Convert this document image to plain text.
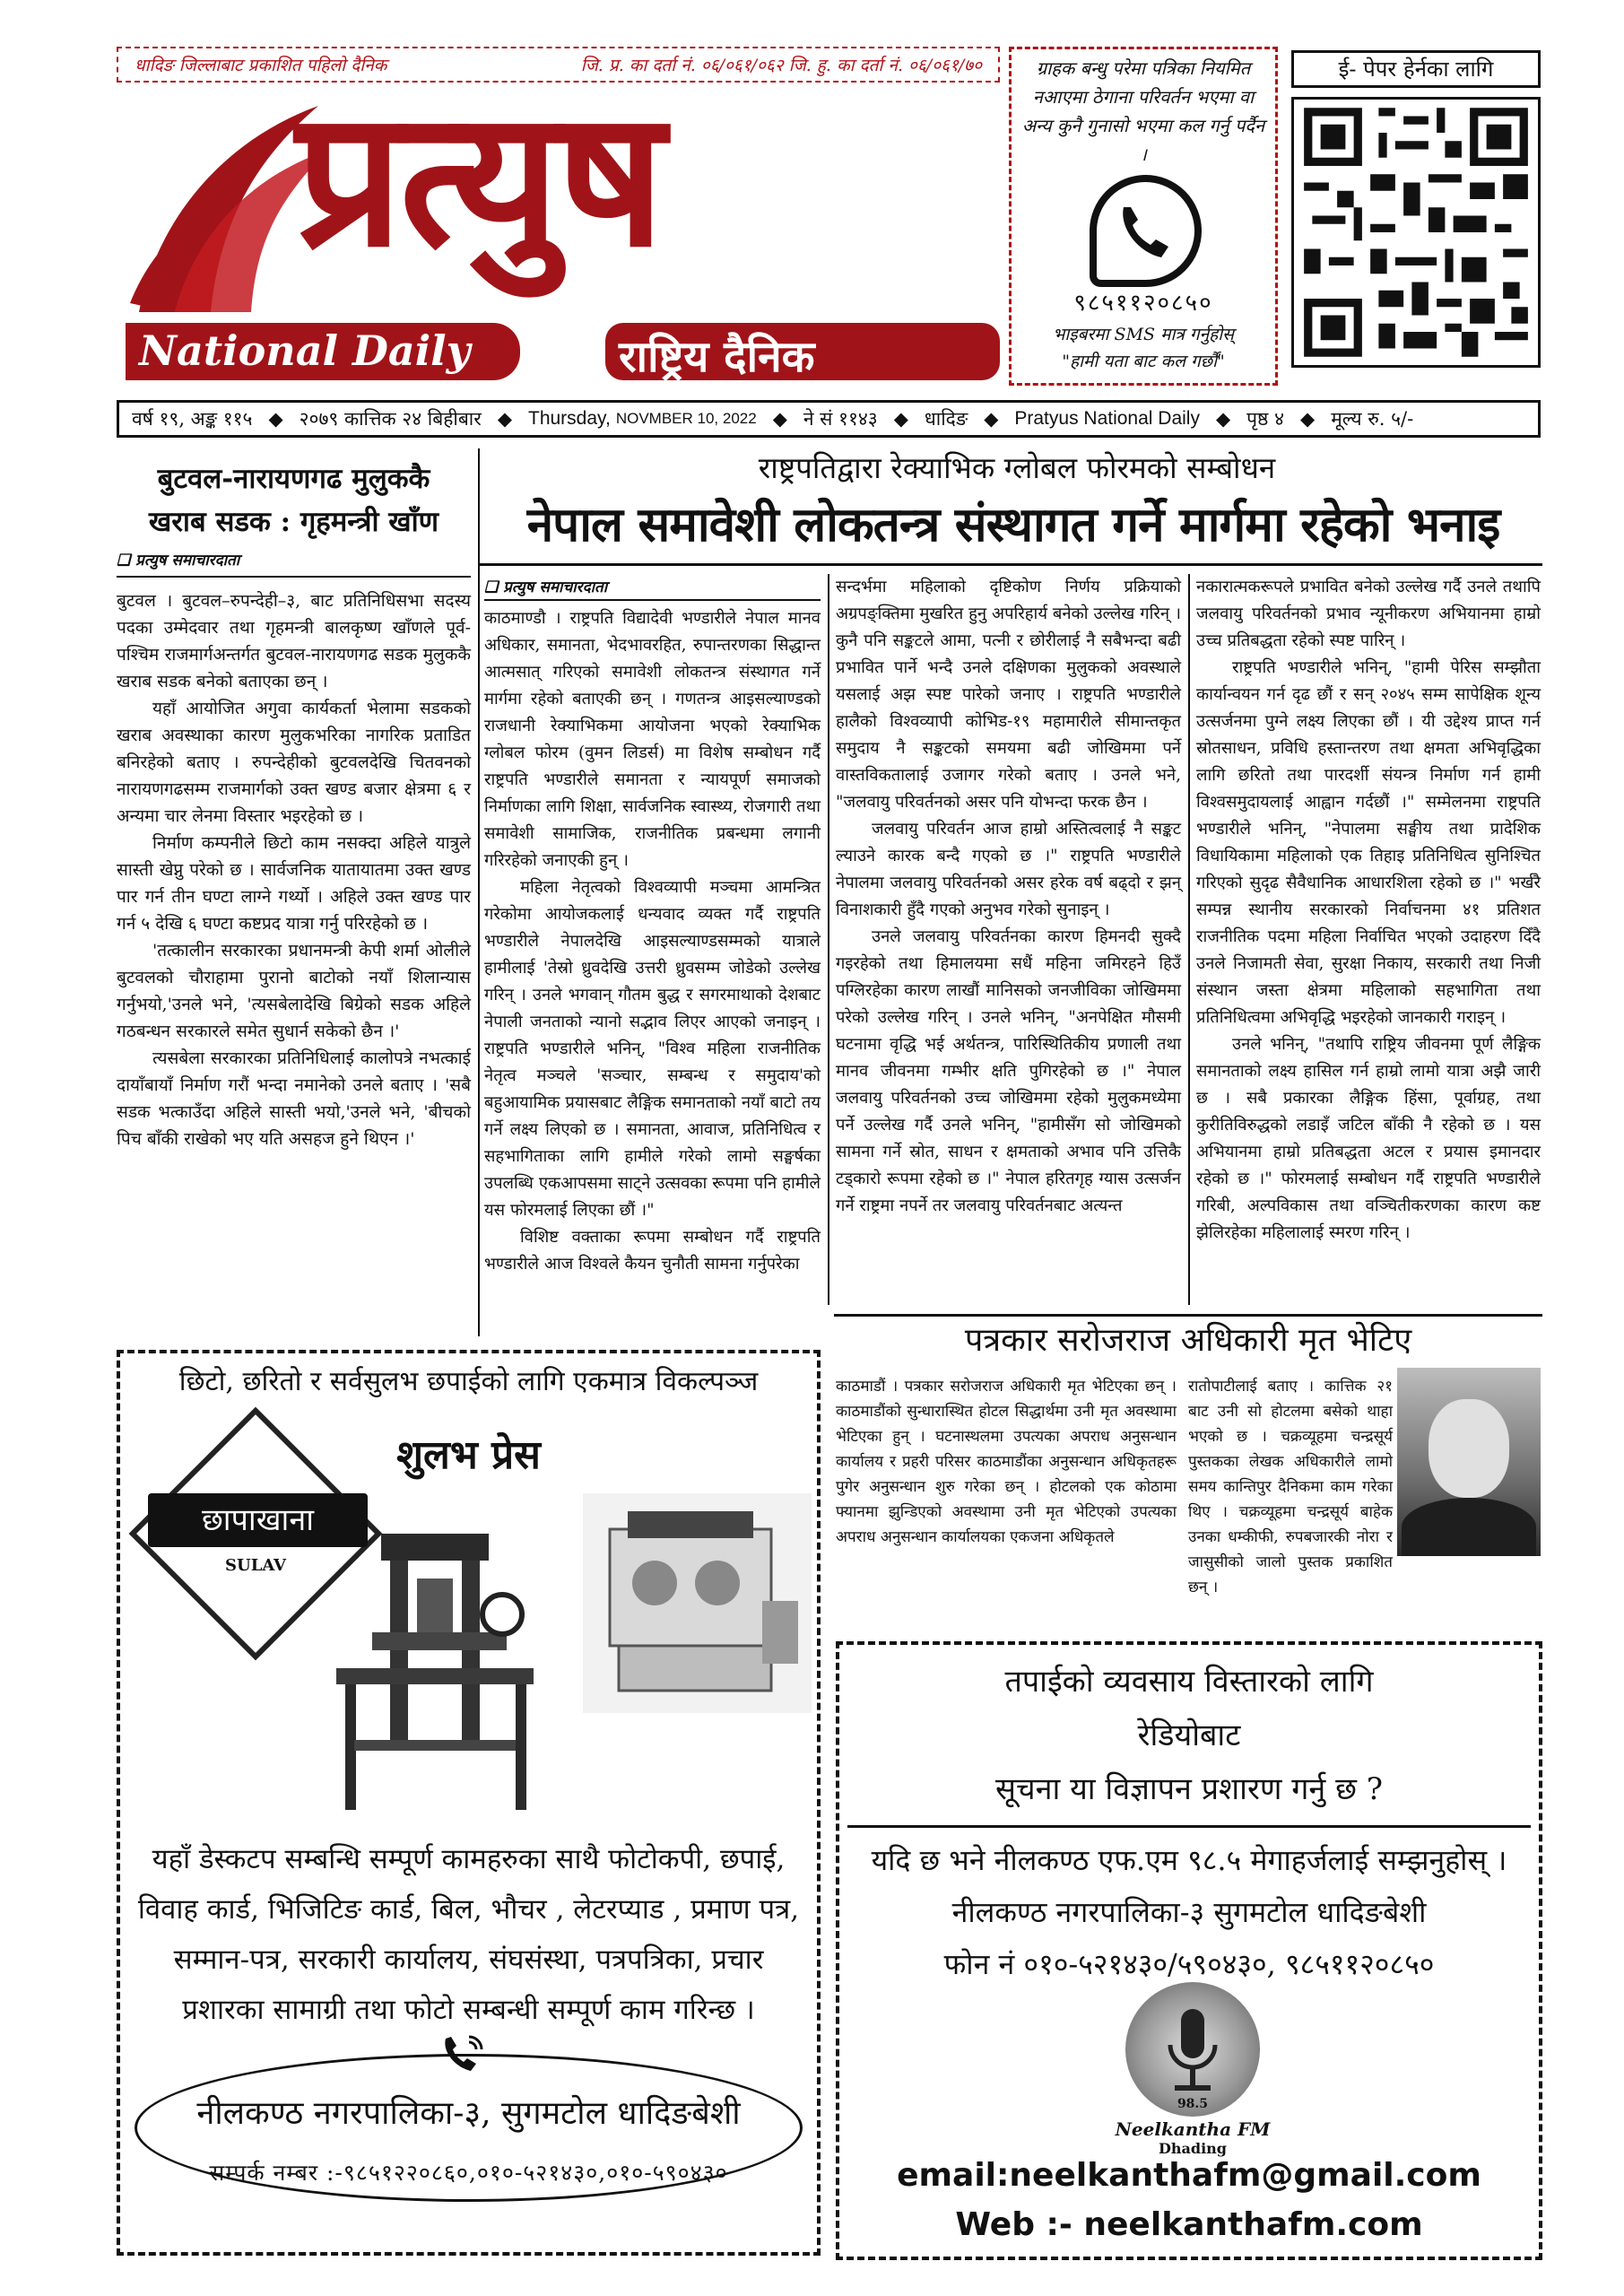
धादिङ जिल्लाबाट प्रकाशित पहिलो दैनिक	जि. प्र. का दर्ता नं. ०६/०६१/०६२ जि. हु. का दर्ता नं. ०६/०६१/७०
प्रत्युष
National Daily	राष्ट्रिय दैनिक
ग्राहक बन्धु परेमा पत्रिका नियमित नआएमा ठेगाना परिवर्तन भएमा वा अन्य कुनै गुनासो भएमा कल गर्नु पर्दैन ।
९८५११२०८५०
भाइबरमा SMS मात्र गर्नुहोस्
"हामी यता बाट कल गर्छौं"
ई- पेपर हेर्नका लागि
वर्ष १९, अङ्क ११५ ◆ २०७९ कात्तिक २४ बिहीबार ◆ Thursday, NOVMBER 10, 2022 ◆ ने सं ११४३ ◆ धादिङ ◆ Pratyus National Daily ◆ पृष्ठ ४ ◆ मूल्य रु. ५/-
बुटवल-नारायणगढ मुलुककै
खराब सडक : गृहमन्त्री खाँण
❑ प्रत्युष समाचारदाता

बुटवल । बुटवल–रुपन्देही–३, बाट प्रतिनिधिसभा सदस्य पदका उम्मेदवार तथा गृहमन्त्री बालकृष्ण खाँणले पूर्व-पश्चिम राजमार्गअन्तर्गत बुटवल-नारायणगढ सडक मुलुककै खराब सडक बनेको बताएका छन् ।

यहाँ आयोजित अगुवा कार्यकर्ता भेलामा सडकको खराब अवस्थाका कारण मुलुकभरिका नागरिक प्रताडित बनिरहेको बताए । रुपन्देहीको बुटवलदेखि चितवनको नारायणगढसम्म राजमार्गको उक्त खण्ड बजार क्षेत्रमा ६ र अन्यमा चार लेनमा विस्तार भइरहेको छ ।

निर्माण कम्पनीले छिटो काम नसक्दा अहिले यात्रुले सास्ती खेप्नु परेको छ । सार्वजनिक यातायातमा उक्त खण्ड पार गर्न तीन घण्टा लाग्ने गर्थ्यो । अहिले उक्त खण्ड पार गर्न ५ देखि ६ घण्टा कष्टप्रद यात्रा गर्नु परिरहेको छ ।

'तत्कालीन सरकारका प्रधानमन्त्री केपी शर्मा ओलीले बुटवलको चौराहामा पुरानो बाटोको नयाँ शिलान्यास गर्नुभयो,'उनले भने, 'त्यसबेलादेखि बिग्रेको सडक अहिले गठबन्धन सरकारले समेत सुधार्न सकेको छैन ।'

त्यसबेला सरकारका प्रतिनिधिलाई कालोपत्रे नभत्काई दायाँबायाँ निर्माण गरौं भन्दा नमानेको उनले बताए । 'सबै सडक भत्काउँदा अहिले सास्ती भयो,'उनले भने, 'बीचको पिच बाँकी राखेको भए यति असहज हुने थिएन ।'

राष्ट्रपतिद्वारा रेक्याभिक ग्लोबल फोरमको सम्बोधन
नेपाल समावेशी लोकतन्त्र संस्थागत गर्ने मार्गमा रहेको भनाइ
❑ प्रत्युष समाचारदाता

काठमाण्डौ । राष्ट्रपति विद्यादेवी भण्डारीले नेपाल मानव अधिकार, समानता, भेदभावरहित, रुपान्तरणका सिद्धान्त आत्मसात् गरिएको समावेशी लोकतन्त्र संस्थागत गर्ने मार्गमा रहेको बताएकी छन् । गणतन्त्र आइसल्याण्डको राजधानी रेक्याभिकमा आयोजना भएको रेक्याभिक ग्लोबल फोरम (वुमन लिडर्स) मा विशेष सम्बोधन गर्दै राष्ट्रपति भण्डारीले समानता र न्यायपूर्ण समाजको निर्माणका लागि शिक्षा, सार्वजनिक स्वास्थ्य, रोजगारी तथा समावेशी सामाजिक, राजनीतिक प्रबन्धमा लगानी गरिरहेको जनाएकी हुन् ।

महिला नेतृत्वको विश्वव्यापी मञ्चमा आमन्त्रित गरेकोमा आयोजकलाई धन्यवाद व्यक्त गर्दै राष्ट्रपति भण्डारीले नेपालदेखि आइसल्याण्डसम्मको यात्राले हामीलाई 'तेस्रो ध्रुवदेखि उत्तरी ध्रुवसम्म जोडेको उल्लेख गरिन् । उनले भगवान् गौतम बुद्ध र सगरमाथाको देशबाट नेपाली जनताको न्यानो सद्भाव लिएर आएको जनाइन् । राष्ट्रपति भण्डारीले भनिन्, "विश्व महिला राजनीतिक नेतृत्व मञ्चले 'सञ्चार, सम्बन्ध र समुदाय'को बहुआयामिक प्रयासबाट लैङ्गिक समानताको नयाँ बाटो तय गर्ने लक्ष्य लिएको छ । समानता, आवाज, प्रतिनिधित्व र सहभागिताका लागि हामीले गरेको लामो सङ्घर्षका उपलब्धि एकआपसमा साट्ने उत्सवका रूपमा पनि हामीले यस फोरमलाई लिएका छौं ।"

विशिष्ट वक्ताका रूपमा सम्बोधन गर्दै राष्ट्रपति भण्डारीले आज विश्वले कैयन चुनौती सामना गर्नुपरेका

सन्दर्भमा महिलाको दृष्टिकोण निर्णय प्रक्रियाको अग्रपङ्क्तिमा मुखरित हुनु अपरिहार्य बनेको उल्लेख गरिन् । कुनै पनि सङ्कटले आमा, पत्नी र छोरीलाई नै सबैभन्दा बढी प्रभावित पार्ने भन्दै उनले दक्षिणका मुलुकको अवस्थाले यसलाई अझ स्पष्ट पारेको जनाए । राष्ट्रपति भण्डारीले हालैको विश्वव्यापी कोभिड-१९ महामारीले सीमान्तकृत समुदाय नै सङ्कटको समयमा बढी जोखिममा पर्ने वास्तविकतालाई उजागर गरेको बताए । उनले भने, "जलवायु परिवर्तनको असर पनि योभन्दा फरक छैन ।

जलवायु परिवर्तन आज हाम्रो अस्तित्वलाई नै सङ्कट ल्याउने कारक बन्दै गएको छ ।" राष्ट्रपति भण्डारीले नेपालमा जलवायु परिवर्तनको असर हरेक वर्ष बढ्दो र झन् विनाशकारी हुँदै गएको अनुभव गरेको सुनाइन् ।

उनले जलवायु परिवर्तनका कारण हिमनदी सुक्दै गइरहेको तथा हिमालयमा सधैं महिना जमिरहने हिउँ पग्लिरहेका कारण लाखौं मानिसको जनजीविका जोखिममा परेको उल्लेख गरिन् । उनले भनिन्, "अनपेक्षित मौसमी घटनामा वृद्धि भई अर्थतन्त्र, पारिस्थितिकीय प्रणाली तथा मानव जीवनमा गम्भीर क्षति पुगिरहेको छ ।" नेपाल जलवायु परिवर्तनको उच्च जोखिममा रहेको मुलुकमध्येमा पर्ने उल्लेख गर्दै उनले भनिन्, "हामीसँग सो जोखिमको सामना गर्ने स्रोत, साधन र क्षमताको अभाव पनि उत्तिकै टड्कारो रूपमा रहेको छ ।" नेपाल हरितगृह ग्यास उत्सर्जन गर्ने राष्ट्रमा नपर्ने तर जलवायु परिवर्तनबाट अत्यन्त

नकारात्मकरूपले प्रभावित बनेको उल्लेख गर्दै उनले तथापि जलवायु परिवर्तनको प्रभाव न्यूनीकरण अभियानमा हाम्रो उच्च प्रतिबद्धता रहेको स्पष्ट पारिन् ।

राष्ट्रपति भण्डारीले भनिन्, "हामी पेरिस सम्झौता कार्यान्वयन गर्न दृढ छौं र सन् २०४५ सम्म सापेक्षिक शून्य उत्सर्जनमा पुग्ने लक्ष्य लिएका छौं । यी उद्देश्य प्राप्त गर्न स्रोतसाधन, प्रविधि हस्तान्तरण तथा क्षमता अभिवृद्धिका लागि छरितो तथा पारदर्शी संयन्त्र निर्माण गर्न हामी विश्वसमुदायलाई आह्वान गर्दछौं ।" सम्मेलनमा राष्ट्रपति भण्डारीले भनिन्, "नेपालमा सङ्घीय तथा प्रादेशिक विधायिकामा महिलाको एक तिहाइ प्रतिनिधित्व सुनिश्चित गरिएको सुदृढ सैवैधानिक आधारशिला रहेको छ ।" भर्खरै सम्पन्न स्थानीय सरकारको निर्वाचनमा ४१ प्रतिशत राजनीतिक पदमा महिला निर्वाचित भएको उदाहरण दिँदै उनले निजामती सेवा, सुरक्षा निकाय, सरकारी तथा निजी संस्थान जस्ता क्षेत्रमा महिलाको सहभागिता तथा प्रतिनिधित्वमा अभिवृद्धि भइरहेको जानकारी गराइन् ।

उनले भनिन्, "तथापि राष्ट्रिय जीवनमा पूर्ण लैङ्गिक समानताको लक्ष्य हासिल गर्न हाम्रो लामो यात्रा अझै जारी छ । सबै प्रकारका लैङ्गिक हिंसा, पूर्वाग्रह, तथा कुरीतिविरुद्धको लडाइँ जटिल बाँकी नै रहेको छ । यस अभियानमा हाम्रो प्रतिबद्धता अटल र प्रयास इमानदार रहेको छ ।" फोरमलाई सम्बोधन गर्दै राष्ट्रपति भण्डारीले गरिबी, अल्पविकास तथा वञ्चितीकरणका कारण कष्ट झेलिरहेका महिलालाई स्मरण गरिन् ।

पत्रकार सरोजराज अधिकारी मृत भेटिए
काठमाडौं । पत्रकार सरोजराज अधिकारी मृत भेटिएका छन् । काठमाडौंको सुन्धारास्थित होटल सिद्धार्थमा उनी मृत अवस्थामा भेटिएका हुन् । घटनास्थलमा उपत्यका अपराध अनुसन्धान कार्यालय र प्रहरी परिसर काठमाडौंका अनुसन्धान अधिकृतहरू पुगेर अनुसन्धान शुरु गरेका छन् । होटलको एक कोठामा फ्यानमा झुन्डिएको अवस्थामा उनी मृत भेटिएको उपत्यका अपराध अनुसन्धान कार्यालयका एकजना अधिकृतले
रातोपाटीलाई बताए । कात्तिक २१ बाट उनी सो होटलमा बसेको थाहा भएको छ । चक्रव्यूहमा चन्द्रसूर्य पुस्तकका लेखक अधिकारीले लामो समय कान्तिपुर दैनिकमा काम गरेका थिए । चक्रव्यूहमा चन्द्रसूर्य बाहेक उनका धम्कीफी, रुपबजारकी नोरा र जासुसीको जालो पुस्तक प्रकाशित छन् ।
छिटो, छरितो र सर्वसुलभ छपाईको लागि एकमात्र विकल्पञ्ज
शुलभ प्रेस
छापाखाना
SULAV
यहाँ डेस्कटप सम्बन्धि सम्पूर्ण कामहरुका साथै फोटोकपी, छपाई,
विवाह कार्ड, भिजिटिङ कार्ड, बिल, भौचर , लेटरप्याड , प्रमाण पत्र,
सम्मान-पत्र, सरकारी कार्यालय, संघसंस्था, पत्रपत्रिका, प्रचार
प्रशारका सामाग्री तथा फोटो सम्बन्धी सम्पूर्ण काम गरिन्छ ।
नीलकण्ठ नगरपालिका-३, सुगमटोल धादिङबेशी
सम्पर्क नम्बर :-९८५१२२०८६०,०१०-५२१४३०,०१०-५९०४३०
तपाईको व्यवसाय विस्तारको लागि
रेडियोबाट
सूचना या विज्ञापन प्रशारण गर्नु छ ?
यदि छ भने नीलकण्ठ एफ.एम ९८.५ मेगाहर्जलाई सम्झनुहोस् ।
नीलकण्ठ नगरपालिका-३ सुगमटोल धादिङबेशी
फोन नं ०१०-५२१४३०/५९०४३०, ९८५११२०८५०
98.5
Neelkantha FM
Dhading
email:neelkanthafm@gmail.com
Web :- neelkanthafm.com
